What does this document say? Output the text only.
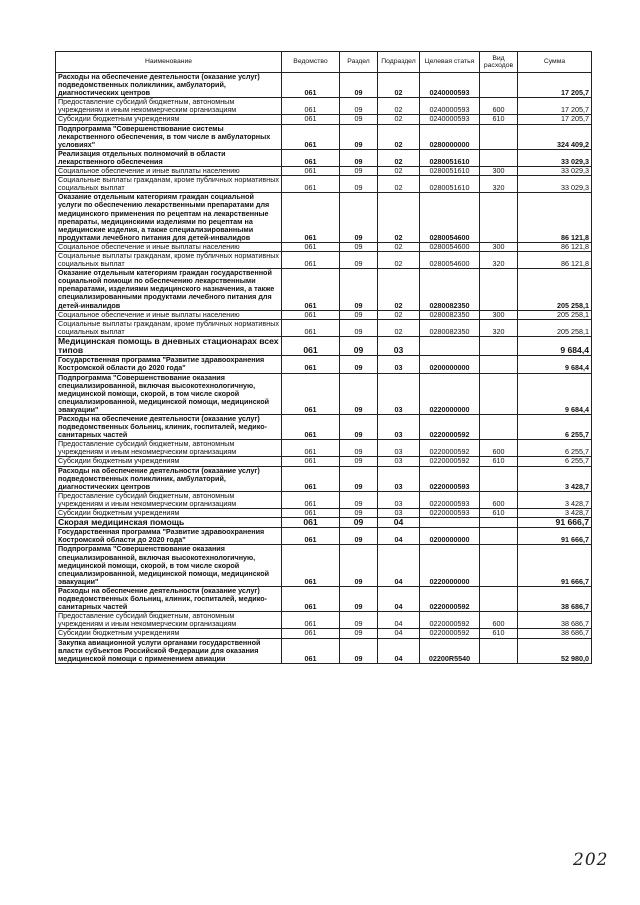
Наименование	Ведомство	Раздел	Подраздел	Целевая статья	Вид расходов	Сумма
Расходы на обеспечение деятельности (оказание услуг) подведомственных поликлиник, амбулаторий, диагностических центров	061	09	02	0240000593		17 205,7
Предоставление субсидий бюджетным, автономным учреждениям и иным некоммерческим организациям	061	09	02	0240000593	600	17 205,7
Субсидии бюджетным учреждениям	061	09	02	0240000593	610	17 205,7
Подпрограмма "Совершенствование системы лекарственного обеспечения, в том числе в амбулаторных условиях"	061	09	02	0280000000		324 409,2
Реализация отдельных полномочий в области лекарственного обеспечения	061	09	02	0280051610		33 029,3
Социальное обеспечение и иные выплаты населению	061	09	02	0280051610	300	33 029,3
Социальные выплаты гражданам, кроме публичных нормативных социальных выплат	061	09	02	0280051610	320	33 029,3
Оказание отдельным категориям граждан социальной услуги по обеспечению лекарственными препаратами для медицинского применения по рецептам на лекарственные препараты, медицинскими изделиями по рецептам на медицинские изделия, а также специализированными продуктами лечебного питания для детей-инвалидов	061	09	02	0280054600		86 121,8
Социальное обеспечение и иные выплаты населению	061	09	02	0280054600	300	86 121,8
Социальные выплаты гражданам, кроме публичных нормативных социальных выплат	061	09	02	0280054600	320	86 121,8
Оказание отдельным категориям граждан государственной социальной помощи по обеспечению лекарственными препаратами, изделиями медицинского назначения, а также специализированными продуктами лечебного питания для детей-инвалидов	061	09	02	0280082350		205 258,1
Социальное обеспечение и иные выплаты населению	061	09	02	0280082350	300	205 258,1
Социальные выплаты гражданам, кроме публичных нормативных социальных выплат	061	09	02	0280082350	320	205 258,1
Медицинская помощь в дневных стационарах всех типов	061	09	03			9 684,4
Государственная программа "Развитие здравоохранения Костромской области до 2020 года"	061	09	03	0200000000		9 684,4
Подпрограмма "Совершенствование оказания специализированной, включая высокотехнологичную, медицинской помощи, скорой, в том числе скорой специализированной, медицинской помощи, медицинской эвакуации"	061	09	03	0220000000		9 684,4
Расходы на обеспечение деятельности (оказание услуг) подведомственных больниц, клиник, госпиталей, медико-санитарных частей	061	09	03	0220000592		6 255,7
Предоставление субсидий бюджетным, автономным учреждениям и иным некоммерческим организациям	061	09	03	0220000592	600	6 255,7
Субсидии бюджетным учреждениям	061	09	03	0220000592	610	6 255,7
Расходы на обеспечение деятельности (оказание услуг) подведомственных поликлиник, амбулаторий, диагностических центров	061	09	03	0220000593		3 428,7
Предоставление субсидий бюджетным, автономным учреждениям и иным некоммерческим организациям	061	09	03	0220000593	600	3 428,7
Субсидии бюджетным учреждениям	061	09	03	0220000593	610	3 428,7
Скорая медицинская помощь	061	09	04			91 666,7
Государственная программа "Развитие здравоохранения Костромской области до 2020 года"	061	09	04	0200000000		91 666,7
Подпрограмма "Совершенствование оказания специализированной, включая высокотехнологичную, медицинской помощи, скорой, в том числе скорой специализированной, медицинской помощи, медицинской эвакуации"	061	09	04	0220000000		91 666,7
Расходы на обеспечение деятельности (оказание услуг) подведомственных больниц, клиник, госпиталей, медико-санитарных частей	061	09	04	0220000592		38 686,7
Предоставление субсидий бюджетным, автономным учреждениям и иным некоммерческим организациям	061	09	04	0220000592	600	38 686,7
Субсидии бюджетным учреждениям	061	09	04	0220000592	610	38 686,7
Закупка авиационной услуги органами государственной власти субъектов Российской Федерации для оказания медицинской помощи с применением авиации	061	09	04	02200R5540		52 980,0
202
